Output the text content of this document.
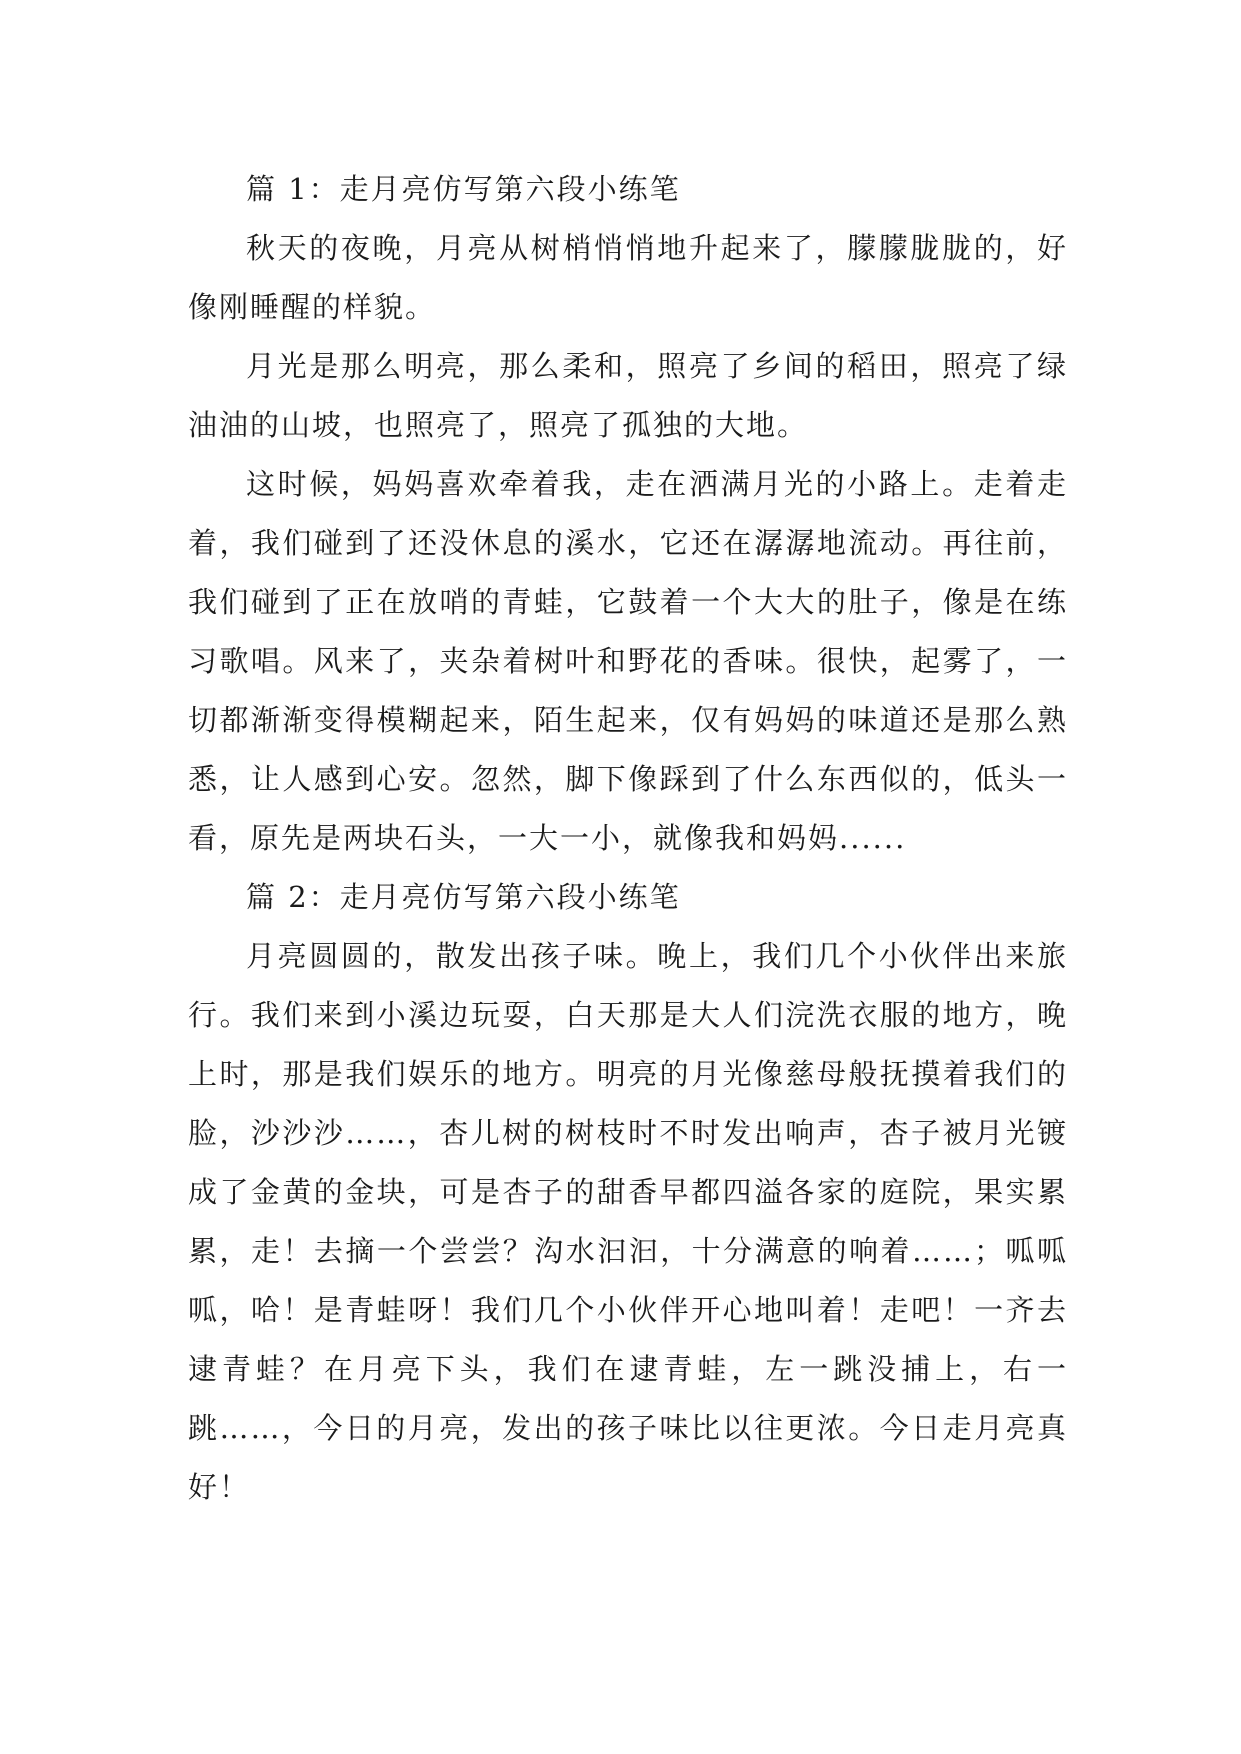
篇 1：走月亮仿写第六段小练笔

秋天的夜晚，月亮从树梢悄悄地升起来了，朦朦胧胧的，好像刚睡醒的样貌。

月光是那么明亮，那么柔和，照亮了乡间的稻田，照亮了绿油油的山坡，也照亮了，照亮了孤独的大地。

这时候，妈妈喜欢牵着我，走在洒满月光的小路上。走着走着，我们碰到了还没休息的溪水，它还在潺潺地流动。再往前，我们碰到了正在放哨的青蛙，它鼓着一个大大的肚子，像是在练习歌唱。风来了，夹杂着树叶和野花的香味。很快，起雾了，一切都渐渐变得模糊起来，陌生起来，仅有妈妈的味道还是那么熟悉，让人感到心安。忽然，脚下像踩到了什么东西似的，低头一看，原先是两块石头，一大一小，就像我和妈妈......

篇 2：走月亮仿写第六段小练笔

月亮圆圆的，散发出孩子味。晚上，我们几个小伙伴出来旅行。我们来到小溪边玩耍，白天那是大人们浣洗衣服的地方，晚上时，那是我们娱乐的地方。明亮的月光像慈母般抚摸着我们的脸，沙沙沙……，杏儿树的树枝时不时发出响声，杏子被月光镀成了金黄的金块，可是杏子的甜香早都四溢各家的庭院，果实累累，走！去摘一个尝尝？沟水汩汩，十分满意的响着……；呱呱呱，哈！是青蛙呀！我们几个小伙伴开心地叫着！走吧！一齐去逮青蛙？在月亮下头，我们在逮青蛙，左一跳没捕上，右一跳……，今日的月亮，发出的孩子味比以往更浓。今日走月亮真好！
